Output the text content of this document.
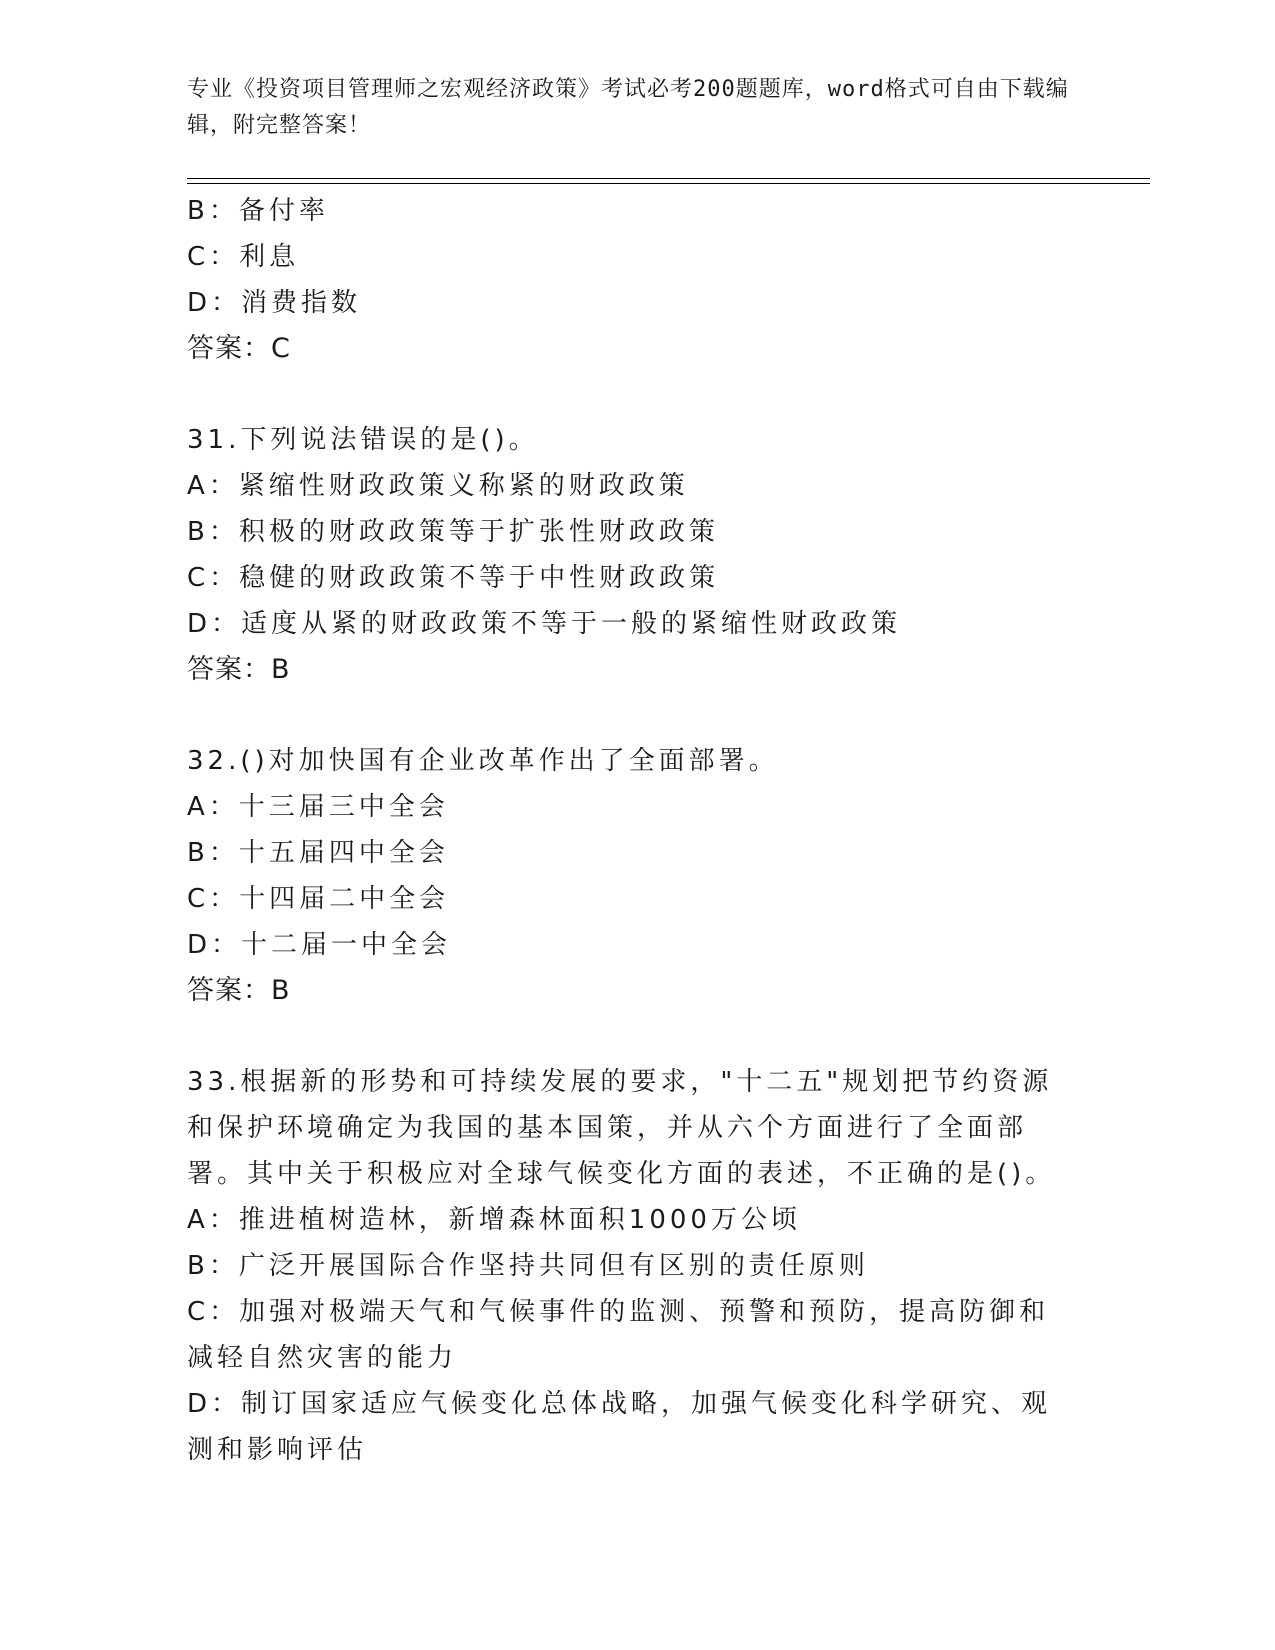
专业《投资项目管理师之宏观经济政策》考试必考200题题库，word格式可自由下载编辑，附完整答案！
B：备付率
C：利息
D：消费指数
答案：C
31.下列说法错误的是()。
A：紧缩性财政政策义称紧的财政政策
B：积极的财政政策等于扩张性财政政策
C：稳健的财政政策不等于中性财政政策
D：适度从紧的财政政策不等于一般的紧缩性财政政策
答案：B
32.()对加快国有企业改革作出了全面部署。
A：十三届三中全会
B：十五届四中全会
C：十四届二中全会
D：十二届一中全会
答案：B
33.根据新的形势和可持续发展的要求，"十二五"规划把节约资源和保护环境确定为我国的基本国策，并从六个方面进行了全面部署。其中关于积极应对全球气候变化方面的表述，不正确的是()。
A：推进植树造林，新增森林面积1000万公顷
B：广泛开展国际合作坚持共同但有区别的责任原则
C：加强对极端天气和气候事件的监测、预警和预防，提高防御和减轻自然灾害的能力
D：制订国家适应气候变化总体战略，加强气候变化科学研究、观测和影响评估
